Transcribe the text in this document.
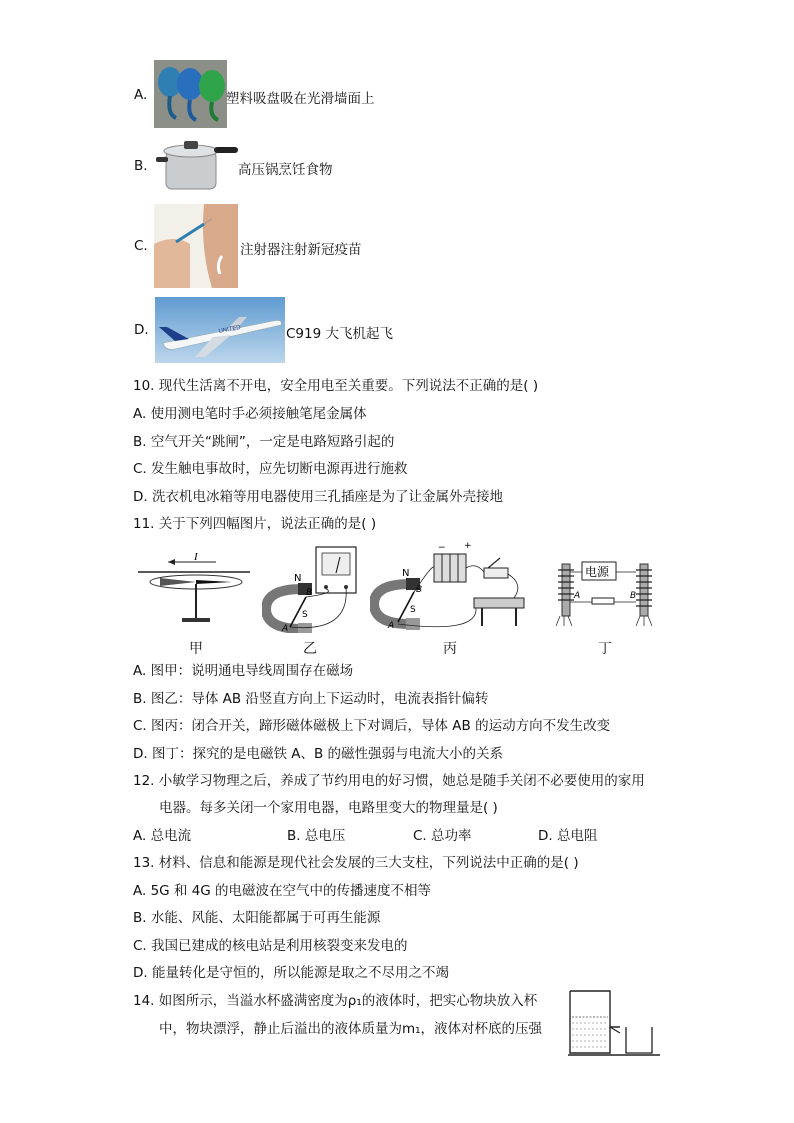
A.	塑料吸盘吸在光滑墙面上
B.	高压锅烹饪食物
C.	注射器注射新冠疫苗
D.	UNITED	C919 大飞机起飞
10. 现代生活离不开电，安全用电至关重要。下列说法不正确的是( )
A. 使用测电笔时手必须接触笔尾金属体
B. 空气开关“跳闸”，一定是电路短路引起的
C. 发生触电事故时，应先切断电源再进行施救
D. 洗衣机电冰箱等用电器使用三孔插座是为了让金属外壳接地
11. 关于下列四幅图片，说法正确的是( )
I
甲
N
S
A
B
乙
N
S
A
B
− +
丙
电源
A	B
丁
A. 图甲：说明通电导线周围存在磁场
B. 图乙：导体 AB 沿竖直方向上下运动时，电流表指针偏转
C. 图丙：闭合开关，蹄形磁体磁极上下对调后，导体 AB 的运动方向不发生改变
D. 图丁：探究的是电磁铁 A、B 的磁性强弱与电流大小的关系
12. 小敏学习物理之后，养成了节约用电的好习惯，她总是随手关闭不必要使用的家用
电器。每多关闭一个家用电器，电路里变大的物理量是( )
A. 总电流	B. 总电压	C. 总功率	D. 总电阻
13. 材料、信息和能源是现代社会发展的三大支柱，下列说法中正确的是( )
A. 5G 和 4G 的电磁波在空气中的传播速度不相等
B. 水能、风能、太阳能都属于可再生能源
C. 我国已建成的核电站是利用核裂变来发电的
D. 能量转化是守恒的，所以能源是取之不尽用之不竭
14. 如图所示，当溢水杯盛满密度为ρ₁的液体时，把实心物块放入杯
中，物块漂浮，静止后溢出的液体质量为m₁，液体对杯底的压强
